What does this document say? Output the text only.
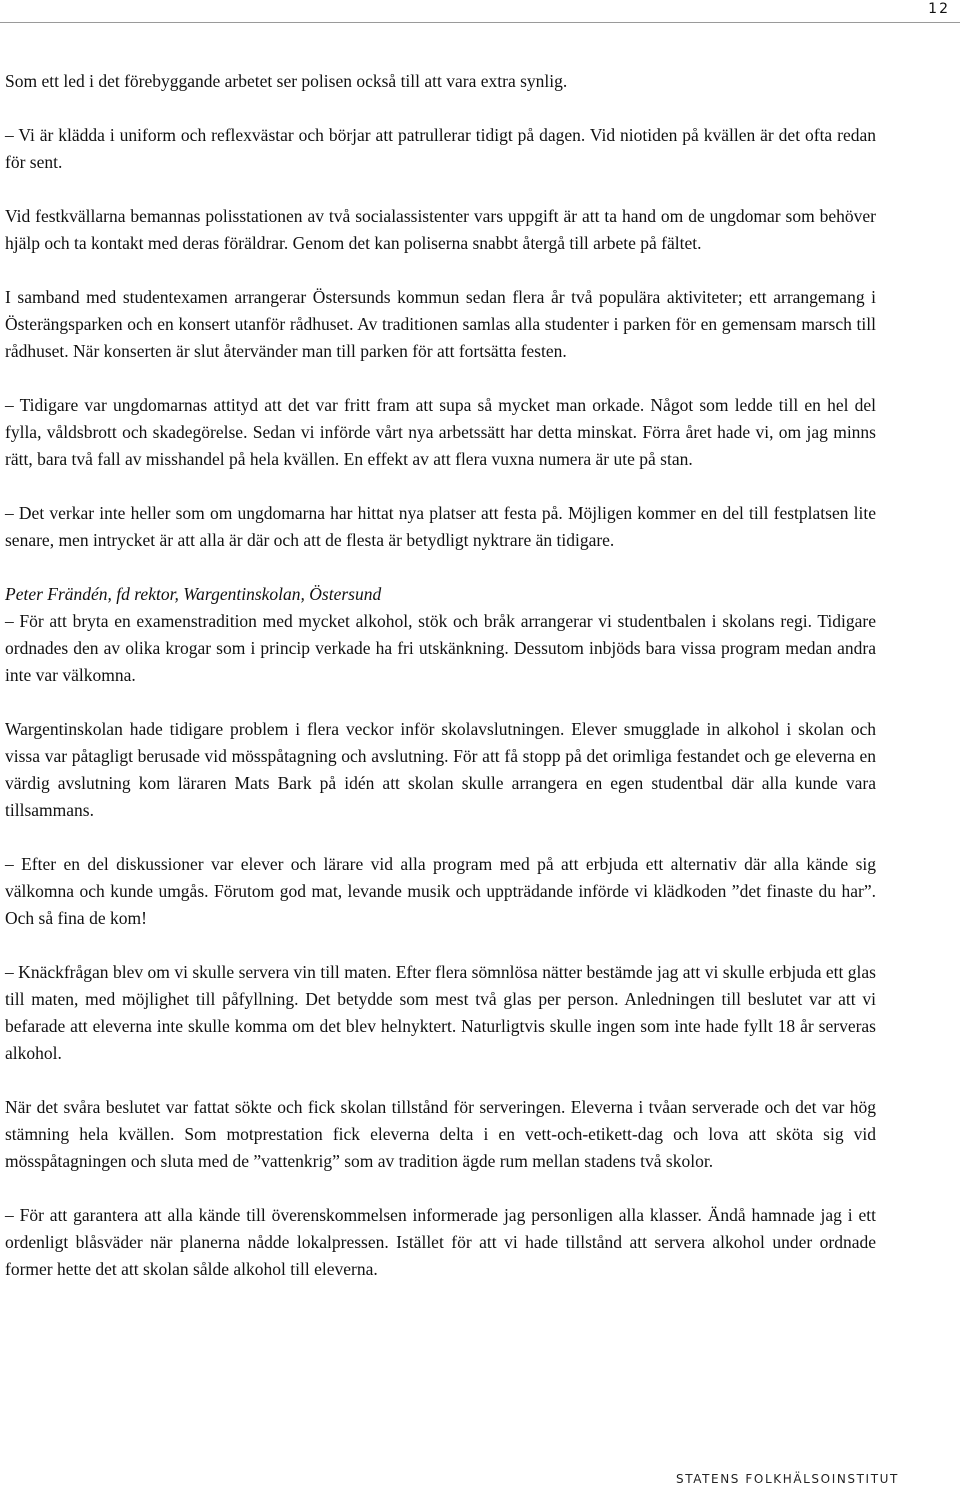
12

Som ett led i det förebyggande arbetet ser polisen också till att vara extra synlig.

– Vi är klädda i uniform och reflexvästar och börjar att patrullerar tidigt på dagen. Vid niotiden på kvällen är det ofta redan för sent.

Vid festkvällarna bemannas polisstationen av två socialassistenter vars uppgift är att ta hand om de ungdomar som behöver hjälp och ta kontakt med deras föräldrar. Genom det kan poliserna snabbt återgå till arbete på fältet.

I samband med studentexamen arrangerar Östersunds kommun sedan flera år två populära aktiviteter; ett arrangemang i Österängsparken och en konsert utanför rådhuset. Av traditionen samlas alla studenter i parken för en gemensam marsch till rådhuset. När konserten är slut återvänder man till parken för att fortsätta festen.

– Tidigare var ungdomarnas attityd att det var fritt fram att supa så mycket man orkade. Något som ledde till en hel del fylla, våldsbrott och skadegörelse. Sedan vi införde vårt nya arbetssätt har detta minskat. Förra året hade vi, om jag minns rätt, bara två fall av misshandel på hela kvällen. En effekt av att flera vuxna numera är ute på stan.

– Det verkar inte heller som om ungdomarna har hittat nya platser att festa på. Möjligen kommer en del till festplatsen lite senare, men intrycket är att alla är där och att de flesta är betydligt nyktrare än tidigare.

Peter Frändén, fd rektor, Wargentinskolan, Östersund

– För att bryta en examenstradition med mycket alkohol, stök och bråk arrangerar vi studentbalen i skolans regi. Tidigare ordnades den av olika krogar som i princip verkade ha fri utskänkning. Dessutom inbjöds bara vissa program medan andra inte var välkomna.

Wargentinskolan hade tidigare problem i flera veckor inför skolavslutningen. Elever smugglade in alkohol i skolan och vissa var påtagligt berusade vid mösspåtagning och avslutning. För att få stopp på det orimliga festandet och ge eleverna en värdig avslutning kom läraren Mats Bark på idén att skolan skulle arrangera en egen studentbal där alla kunde vara tillsammans.

– Efter en del diskussioner var elever och lärare vid alla program med på att erbjuda ett alternativ där alla kände sig välkomna och kunde umgås. Förutom god mat, levande musik och uppträdande införde vi klädkoden ”det finaste du har”. Och så fina de kom!

– Knäckfrågan blev om vi skulle servera vin till maten. Efter flera sömnlösa nätter bestämde jag att vi skulle erbjuda ett glas till maten, med möjlighet till påfyllning. Det betydde som mest två glas per person. Anledningen till beslutet var att vi befarade att eleverna inte skulle komma om det blev helnyktert. Naturligtvis skulle ingen som inte hade fyllt 18 år serveras alkohol.

När det svåra beslutet var fattat sökte och fick skolan tillstånd för serveringen. Eleverna i tvåan serverade och det var hög stämning hela kvällen. Som motprestation fick eleverna delta i en vett-och-etikett-dag och lova att sköta sig vid mösspåtagningen och sluta med de ”vattenkrig” som av tradition ägde rum mellan stadens två skolor.

– För att garantera att alla kände till överenskommelsen informerade jag personligen alla klasser. Ändå hamnade jag i ett ordenligt blåsväder när planerna nådde lokalpressen. Istället för att vi hade tillstånd att servera alkohol under ordnade former hette det att skolan sålde alkohol till eleverna.

STATENS FOLKHÄLSOINSTITUT
